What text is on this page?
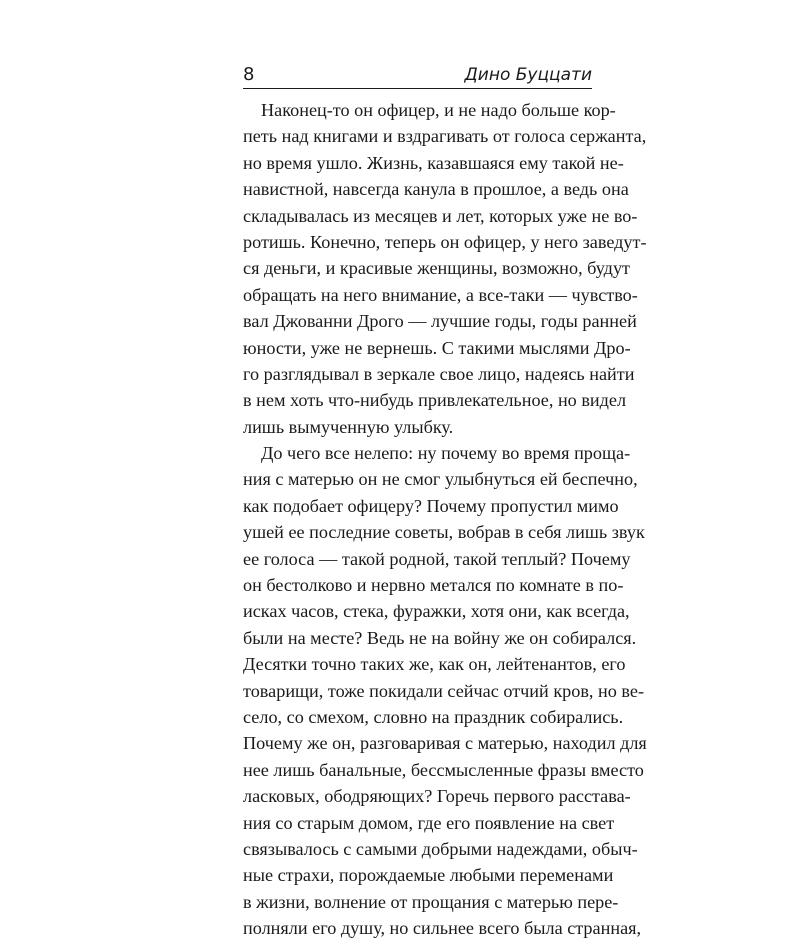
8	Дино Буццати
Наконец-то он офицер, и не надо больше кор-
петь над книгами и вздрагивать от голоса сержанта,
но время ушло. Жизнь, казавшаяся ему такой не-
навистной, навсегда канула в прошлое, а ведь она
складывалась из месяцев и лет, которых уже не во-
ротишь. Конечно, теперь он офицер, у него заведут-
ся деньги, и красивые женщины, возможно, будут
обращать на него внимание, а все-таки — чувство-
вал Джованни Дрого — лучшие годы, годы ранней
юности, уже не вернешь. С такими мыслями Дро-
го разглядывал в зеркале свое лицо, надеясь найти
в нем хоть что-нибудь привлекательное, но видел
лишь вымученную улыбку.
До чего все нелепо: ну почему во время проща-
ния с матерью он не смог улыбнуться ей беспечно,
как подобает офицеру? Почему пропустил мимо
ушей ее последние советы, вобрав в себя лишь звук
ее голоса — такой родной, такой теплый? Почему
он бестолково и нервно метался по комнате в по-
исках часов, стека, фуражки, хотя они, как всегда,
были на месте? Ведь не на войну же он собирался.
Десятки точно таких же, как он, лейтенантов, его
товарищи, тоже покидали сейчас отчий кров, но ве-
село, со смехом, словно на праздник собирались.
Почему же он, разговаривая с матерью, находил для
нее лишь банальные, бессмысленные фразы вместо
ласковых, ободряющих? Горечь первого расстава-
ния со старым домом, где его появление на свет
связывалось с самыми добрыми надеждами, обыч-
ные страхи, порождаемые любыми переменами
в жизни, волнение от прощания с матерью пере-
полняли его душу, но сильнее всего была странная,
